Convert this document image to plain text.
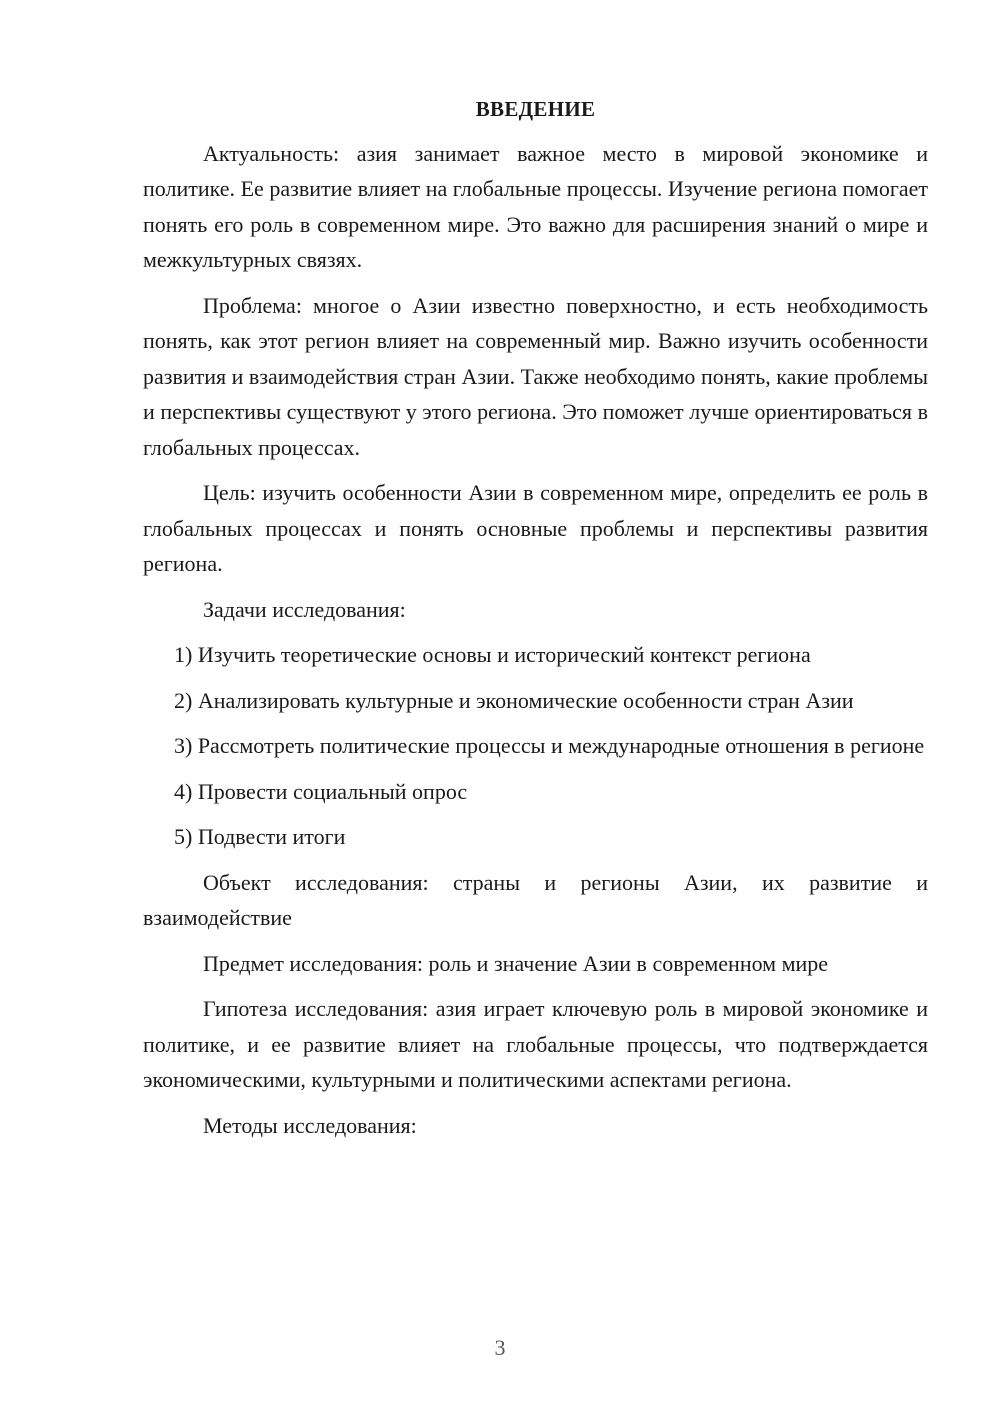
ВВЕДЕНИЕ
Актуальность: азия занимает важное место в мировой экономике и политике. Ее развитие влияет на глобальные процессы. Изучение региона помогает понять его роль в современном мире. Это важно для расширения знаний о мире и межкультурных связях.
Проблема: многое о Азии известно поверхностно, и есть необходимость понять, как этот регион влияет на современный мир. Важно изучить особенности развития и взаимодействия стран Азии. Также необходимо понять, какие проблемы и перспективы существуют у этого региона. Это поможет лучше ориентироваться в глобальных процессах.
Цель: изучить особенности Азии в современном мире, определить ее роль в глобальных процессах и понять основные проблемы и перспективы развития региона.
Задачи исследования:
1) Изучить теоретические основы и исторический контекст региона
2) Анализировать культурные и экономические особенности стран Азии
3) Рассмотреть политические процессы и международные отношения в регионе
4) Провести социальный опрос
5) Подвести итоги
Объект исследования: страны и регионы Азии, их развитие и взаимодействие
Предмет исследования: роль и значение Азии в современном мире
Гипотеза исследования: азия играет ключевую роль в мировой экономике и политике, и ее развитие влияет на глобальные процессы, что подтверждается экономическими, культурными и политическими аспектами региона.
Методы исследования:
3
